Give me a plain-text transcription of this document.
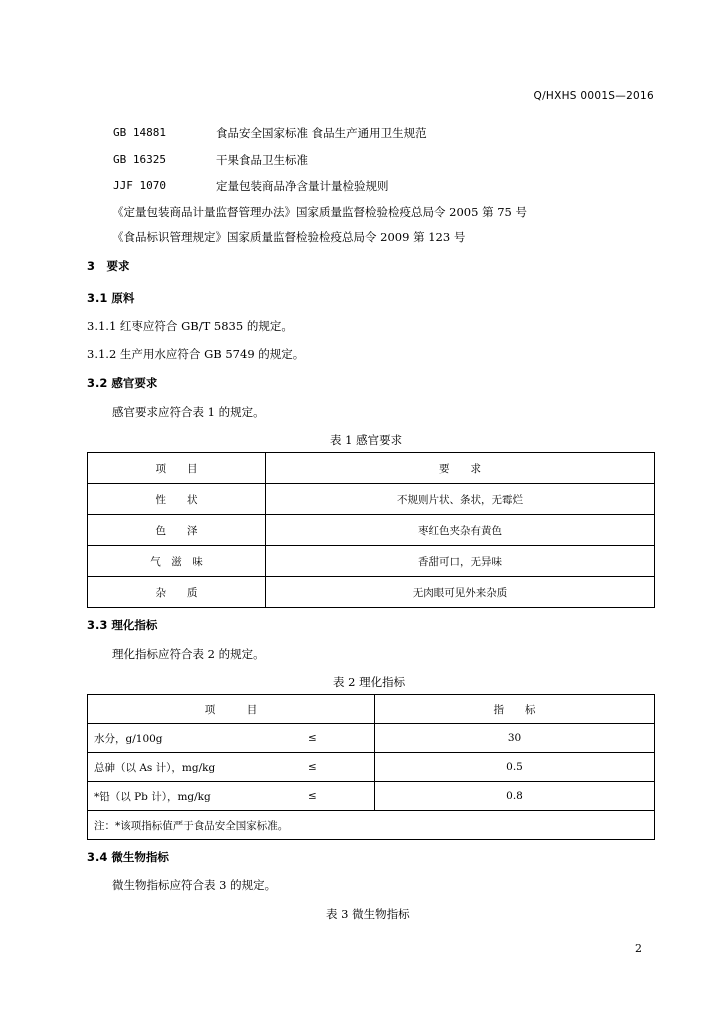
Q/HXHS 0001S—2016
GB 14881	食品安全国家标准 食品生产通用卫生规范
GB 16325	干果食品卫生标准
JJF 1070	定量包装商品净含量计量检验规则
《定量包装商品计量监督管理办法》国家质量监督检验检疫总局令 2005 第 75 号
《食品标识管理规定》国家质量监督检验检疫总局令 2009 第 123 号
3　要求
3.1 原料
3.1.1 红枣应符合 GB/T 5835 的规定。
3.1.2 生产用水应符合 GB 5749 的规定。
3.2 感官要求
感官要求应符合表 1 的规定。
表 1 感官要求
项　　目	要　　求
性　　状	不规则片状、条状，无霉烂
色　　泽	枣红色夹杂有黄色
气　滋　味	香甜可口，无异味
杂　　质	无肉眼可见外来杂质
3.3 理化指标
理化指标应符合表 2 的规定。
表 2 理化指标
项　　　目		指　　标
水分，g/100g	≤	30
总砷（以 As 计），mg/kg	≤	0.5
*铅（以 Pb 计），mg/kg	≤	0.8
注：*该项指标值严于食品安全国家标准。		
3.4 微生物指标
微生物指标应符合表 3 的规定。
表 3 微生物指标
2
